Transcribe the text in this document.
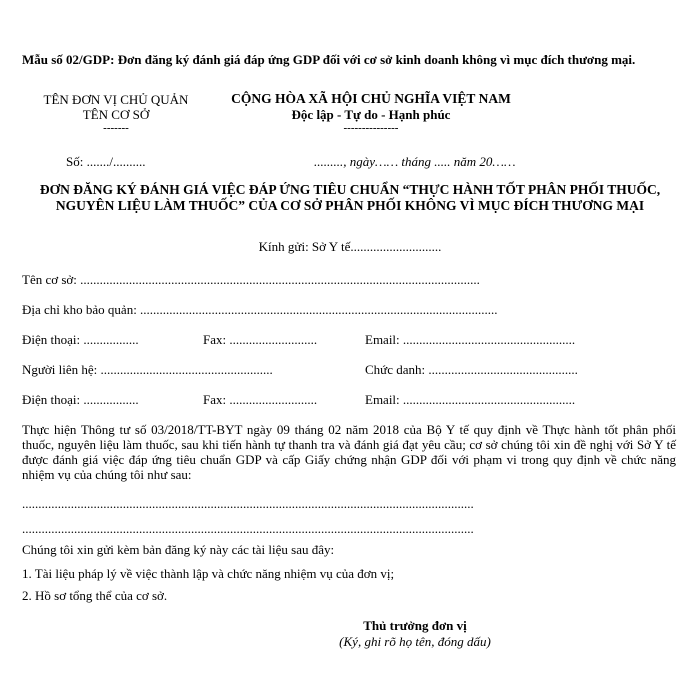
Mẫu số 02/GDP: Đơn đăng ký đánh giá đáp ứng GDP đối với cơ sở kinh doanh không vì mục đích thương mại.
TÊN ĐƠN VỊ CHỦ QUẢN
TÊN CƠ SỞ
-------
CỘNG HÒA XÃ HỘI CHỦ NGHĨA VIỆT NAM
Độc lập - Tự do - Hạnh phúc
---------------
Số: ......./..........	........., ngày…… tháng ..... năm 20……
ĐƠN ĐĂNG KÝ ĐÁNH GIÁ VIỆC ĐÁP ỨNG TIÊU CHUẨN “THỰC HÀNH TỐT PHÂN PHỐI THUỐC, NGUYÊN LIỆU LÀM THUỐC” CỦA CƠ SỞ PHÂN PHỐI KHÔNG VÌ MỤC ĐÍCH THƯƠNG MẠI
Kính gửi: Sở Y tế............................
Tên cơ sở: ...........................................................................................................................
Địa chỉ kho bảo quản: ..............................................................................................................
Điện thoại: .................	Fax: ...........................	Email: .....................................................
Người liên hệ: .....................................................	Chức danh: ..............................................
Điện thoại: .................	Fax: ...........................	Email: .....................................................
Thực hiện Thông tư số 03/2018/TT-BYT ngày 09 tháng 02 năm 2018 của Bộ Y tế quy định về Thực hành tốt phân phối thuốc, nguyên liệu làm thuốc, sau khi tiến hành tự thanh tra và đánh giá đạt yêu cầu; cơ sở chúng tôi xin đề nghị với Sở Y tế được đánh giá việc đáp ứng tiêu chuẩn GDP và cấp Giấy chứng nhận GDP đối với phạm vi trong quy định về chức năng nhiệm vụ của chúng tôi như sau:
...........................................................................................................................................
...........................................................................................................................................
Chúng tôi xin gửi kèm bản đăng ký này các tài liệu sau đây:
1. Tài liệu pháp lý về việc thành lập và chức năng nhiệm vụ của đơn vị;
2. Hồ sơ tổng thể của cơ sở.
Thủ trưởng đơn vị
(Ký, ghi rõ họ tên, đóng dấu)
